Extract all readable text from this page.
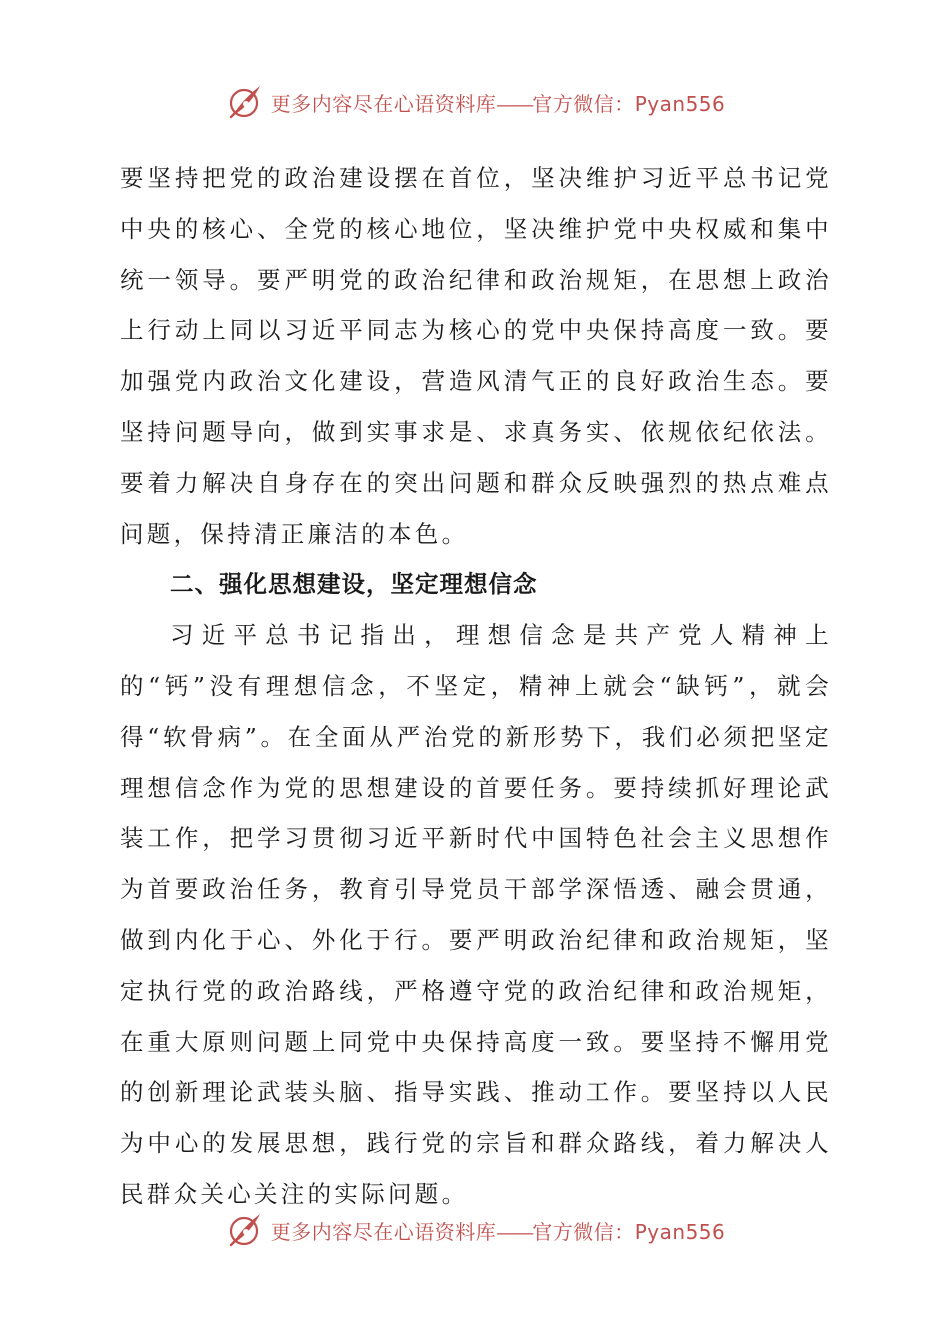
更多内容尽在心语资料库——官方微信：Pyan556

要坚持把党的政治建设摆在首位，坚决维护习近平总书记党中央的核心、全党的核心地位，坚决维护党中央权威和集中统一领导。要严明党的政治纪律和政治规矩，在思想上政治上行动上同以习近平同志为核心的党中央保持高度一致。要加强党内政治文化建设，营造风清气正的良好政治生态。要坚持问题导向，做到实事求是、求真务实、依规依纪依法。要着力解决自身存在的突出问题和群众反映强烈的热点难点问题，保持清正廉洁的本色。

二、强化思想建设，坚定理想信念

习近平总书记指出，理想信念是共产党人精神上的“钙”没有理想信念，不坚定，精神上就会“缺钙”，就会得“软骨病”。在全面从严治党的新形势下，我们必须把坚定理想信念作为党的思想建设的首要任务。要持续抓好理论武装工作，把学习贯彻习近平新时代中国特色社会主义思想作为首要政治任务，教育引导党员干部学深悟透、融会贯通，做到内化于心、外化于行。要严明政治纪律和政治规矩，坚定执行党的政治路线，严格遵守党的政治纪律和政治规矩，在重大原则问题上同党中央保持高度一致。要坚持不懈用党的创新理论武装头脑、指导实践、推动工作。要坚持以人民为中心的发展思想，践行党的宗旨和群众路线，着力解决人民群众关心关注的实际问题。

更多内容尽在心语资料库——官方微信：Pyan556
